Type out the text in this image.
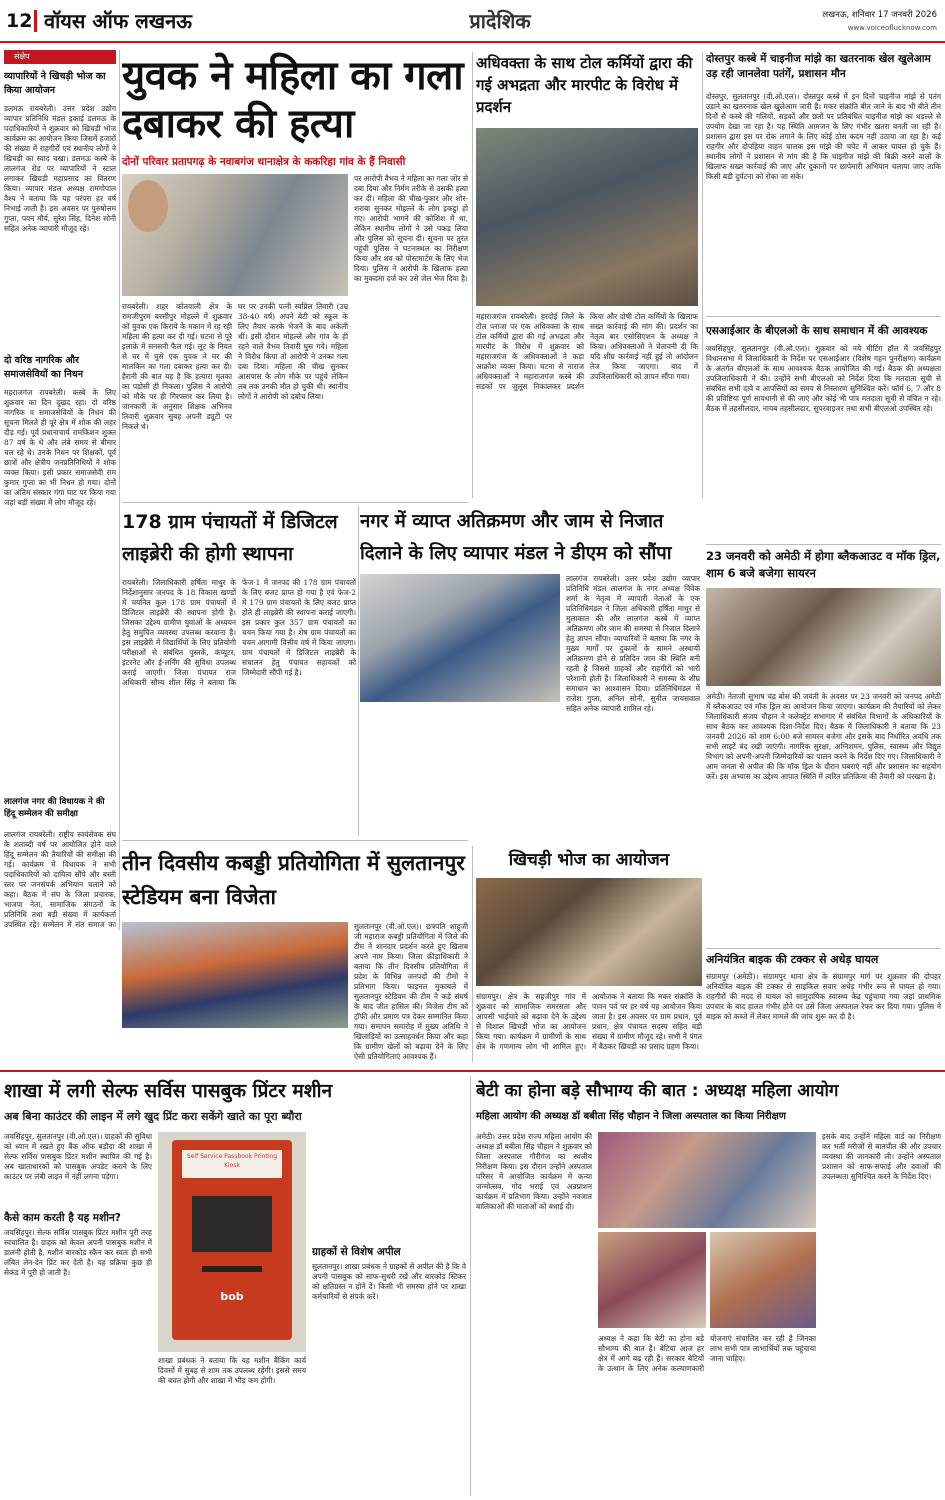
12 वॉयस ऑफ लखनऊ	प्रादेशिक	लखनऊ, शनिवार 17 जनवरी 2026
www.voiceoflucknow.com
संक्षेप
व्यापारियों ने खिचड़ी भोज का किया आयोजन
डलमऊ रायबरेली। उत्तर प्रदेश उद्योग व्यापार प्रतिनिधि मंडल इकाई डलमऊ के पदाधिकारियों ने शुक्रवार को खिचड़ी भोज कार्यक्रम का आयोजन किया जिसमें हजारों की संख्या में राहगीरों एवं स्थानीय लोगों ने खिचड़ी का स्वाद चखा। डलमऊ कस्बे के लालगंज रोड पर व्यापारियों ने स्टाल लगाकर खिचड़ी महाप्रसाद का वितरण किया। व्यापार मंडल अध्यक्ष रामगोपाल वैश्य ने बताया कि यह परंपरा हर वर्ष निभाई जाती है। इस अवसर पर पुरुषोत्तम गुप्ता, पवन मौर्य, सुरेश सिंह, दिनेश सोनी सहित अनेक व्यापारी मौजूद रहे।
दो वरिष्ठ नागरिक और समाजसेवियों का निधन
महराजगंज रायबरेली। कस्बे के लिए शुक्रवार का दिन दुखद रहा। दो वरिष्ठ नागरिक व समाजसेवियों के निधन की सूचना मिलते ही पूरे क्षेत्र में शोक की लहर दौड़ गई। पूर्व प्रधानाचार्य रामकिशन शुक्ल 87 वर्ष के थे और लंबे समय से बीमार चल रहे थे। उनके निधन पर शिक्षकों, पूर्व छात्रों और क्षेत्रीय जनप्रतिनिधियों ने शोक व्यक्त किया। इसी प्रकार समाजसेवी राम कुमार गुप्ता का भी निधन हो गया। दोनों का अंतिम संस्कार गंगा घाट पर किया गया जहां बड़ी संख्या में लोग मौजूद रहे।
लालगंज नगर की विधायक ने की हिंदू सम्मेलन की समीक्षा
लालगंज रायबरेली। राष्ट्रीय स्वयंसेवक संघ के शताब्दी वर्ष पर आयोजित होने वाले हिंदू सम्मेलन की तैयारियों की समीक्षा की गई। कार्यक्रम में विधायक ने सभी पदाधिकारियों को दायित्व सौंपे और बस्ती स्तर पर जनसंपर्क अभियान चलाने को कहा। बैठक में संघ के जिला प्रचारक, भाजपा नेता, सामाजिक संगठनों के प्रतिनिधि तथा बड़ी संख्या में कार्यकर्ता उपस्थित रहे। सम्मेलन में संत समाज का
युवक ने महिला का गला दबाकर की हत्या
दोनों परिवार प्रतापगढ़ के नवाबगंज थानाक्षेत्र के ककरिहा गांव के हैं निवासी
रायबरेली। शहर कोतवाली क्षेत्र के रामजीपुरम बरसीपुर मोहल्ले में शुक्रवार को युवक एक किराये के मकान में रह रही महिला की हत्या कर दी गई। घटना से पूरे इलाके में सनसनी फैल गई। लूट के नियत से घर में घुसे एक युवक ने घर की मालकिन का गला दबाकर हत्या कर दी। हैरानी की बात यह है कि हत्यारा मृतका का पड़ोसी ही निकला। पुलिस ने आरोपी को मौके पर ही गिरफ्तार कर लिया है। जानकारी के अनुसार शिक्षक अभिनव तिवारी शुक्रवार सुबह अपनी ड्यूटी पर निकले थे।
घर पर उनकी पत्नी स्वप्निल तिवारी (उम्र 38-40 वर्ष) अपने बेटी को स्कूल के लिए तैयार करके भेजने के बाद अकेली थीं। इसी दौरान मोहल्ले और गांव के ही रहने वाले वैभव तिवारी घुस गये। महिला ने विरोध किया तो आरोपी ने उनका गला दबा दिया। महिला की चीख सुनकर आसपास के लोग मौके पर पहुंचे लेकिन तब तक उनकी मौत हो चुकी थी। स्थानीय लोगों ने आरोपी को दबोच लिया।
पर आरोपी वैभव ने महिला का गला जोर से दबा दिया और निर्मम तरीके से उसकी हत्या कर दी। महिला की चीख-पुकार और शोर-शराबा सुनकर मोहल्ले के लोग इकट्ठा हो गए। आरोपी भागने की कोशिश में था, लेकिन स्थानीय लोगों ने उसे पकड़ लिया और पुलिस को सूचना दी। सूचना पर तुरंत पहुंची पुलिस ने घटनास्थल का निरीक्षण किया और शव को पोस्टमार्टम के लिए भेज दिया। पुलिस ने आरोपी के खिलाफ हत्या का मुकदमा दर्ज कर उसे जेल भेज दिया है।
अधिवक्ता के साथ टोल कर्मियों द्वारा की गई अभद्रता और मारपीट के विरोध में प्रदर्शन
महाराजगंज रायबरेली। हरदोई जिले के टोल प्लाजा पर एक अधिवक्ता के साथ टोल कर्मियों द्वारा की गई अभद्रता और मारपीट के विरोध में शुक्रवार को महाराजगंज के अधिवक्ताओं ने कड़ा आक्रोश व्यक्त किया। घटना से नाराज अधिवक्ताओं ने महाराजगंज कस्बे की सड़कों पर जुलूस निकालकर प्रदर्शन किया और दोषी टोल कर्मियों के खिलाफ सख्त कार्रवाई की मांग की। प्रदर्शन का नेतृत्व बार एसोसिएशन के अध्यक्ष ने किया। अधिवक्ताओं ने चेतावनी दी कि यदि शीघ्र कार्रवाई नहीं हुई तो आंदोलन तेज किया जाएगा। बाद में उपजिलाधिकारी को ज्ञापन सौंपा गया।
दोस्तपुर कस्बे में चाइनीज मांझे का खतरनाक खेल खुलेआम उड़ रही जानलेवा पतंगें, प्रशासन मौन
दोस्तपुर, सुलतानपुर (वी.ओ.एल)। दोस्तपुर कस्बे में इन दिनों चाइनीज मांझे से पतंग उड़ाने का खतरनाक खेल खुलेआम जारी है। मकर संक्रांति बीत जाने के बाद भी बीते तीन दिनों से कस्बे की गलियों, सड़कों और छतों पर प्रतिबंधित चाइनीज मांझे का धड़ल्ले से उपयोग देखा जा रहा है। यह स्थिति आमजन के लिए गंभीर खतरा बनती जा रही है। प्रशासन द्वारा इस पर रोक लगाने के लिए कोई ठोस कदम नहीं उठाया जा रहा है। कई राहगीर और दोपहिया वाहन चालक इस मांझे की चपेट में आकर घायल हो चुके हैं। स्थानीय लोगों ने प्रशासन से मांग की है कि चाइनीज मांझे की बिक्री करने वालों के खिलाफ सख्त कार्रवाई की जाए और दुकानों पर छापेमारी अभियान चलाया जाए ताकि किसी बड़ी दुर्घटना को रोका जा सके।
एसआईआर के बीएलओ के साथ समाधान में की आवश्यक
जयसिंहपुर, सुलतानपुर (वी.ओ.एल)। शुक्रवार को नये मीटिंग हॉल में जयसिंहपुर विधानसभा में जिलाधिकारी के निर्देश पर एसआईआर (विशेष गहन पुनरीक्षण) कार्यक्रम के अंतर्गत बीएलओ के साथ आवश्यक बैठक आयोजित की गई। बैठक की अध्यक्षता उपजिलाधिकारी ने की। उन्होंने सभी बीएलओ को निर्देश दिया कि मतदाता सूची से संबंधित सभी दावे व आपत्तियों का समय से निस्तारण सुनिश्चित करें। फॉर्म 6, 7 और 8 की प्रविष्टियां पूर्ण सावधानी से की जाएं और कोई भी पात्र मतदाता सूची से वंचित न रहे। बैठक में तहसीलदार, नायब तहसीलदार, सुपरवाइजर तथा सभी बीएलओ उपस्थित रहे।
178 ग्राम पंचायतों में डिजिटल लाइब्रेरी की होगी स्थापना
रायबरेली। जिलाधिकारी हर्षिता माथुर के निर्देशानुसार जनपद के 18 विकास खण्डों में चयनित कुल 178 ग्राम पंचायतों में डिजिटल लाइब्रेरी की स्थापना होगी है। जिसका उद्देश्य ग्रामीण युवाओं के अध्ययन हेतु समुचित व्यवस्था उपलब्ध करवाना है। इस लाइब्रेरी में विद्यार्थियों के लिए प्रतियोगी परीक्षाओं से संबंधित पुस्तकें, कंप्यूटर, इंटरनेट और ई-लर्निंग की सुविधा उपलब्ध कराई जाएगी। जिला पंचायत राज अधिकारी सौम्य शील सिंह ने बताया कि फेज-1 में जनपद की 178 ग्राम पंचायतों के लिए बजट प्राप्त हो गया है एवं फेज-2 में 179 ग्राम पंचायतों के लिए बजट प्राप्त होते ही लाइब्रेरी की स्थापना कराई जाएगी। इस प्रकार कुल 357 ग्राम पंचायतों का चयन किया गया है। शेष ग्राम पंचायतों का चयन आगामी वित्तीय वर्ष में किया जाएगा। ग्राम पंचायतों में डिजिटल लाइब्रेरी के संचालन हेतु पंचायत सहायकों को जिम्मेदारी सौंपी गई है।
नगर में व्याप्त अतिक्रमण और जाम से निजात दिलाने के लिए व्यापार मंडल ने डीएम को सौंपा
लालगंज रायबरेली। उत्तर प्रदेश उद्योग व्यापार प्रतिनिधि मंडल लालगंज के नगर अध्यक्ष विवेक शर्मा के नेतृत्व में व्यापारी नेताओं के एक प्रतिनिधिमंडल ने जिला अधिकारी हर्षिता माथुर से मुलाकात की और लालगंज कस्बे में व्याप्त अतिक्रमण और जाम की समस्या से निजात दिलाने हेतु ज्ञापन सौंपा। व्यापारियों ने बताया कि नगर के मुख्य मार्गों पर दुकानों के सामने अस्थायी अतिक्रमण होने से प्रतिदिन जाम की स्थिति बनी रहती है जिससे ग्राहकों और राहगीरों को भारी परेशानी होती है। जिलाधिकारी ने समस्या के शीघ्र समाधान का आश्वासन दिया। प्रतिनिधिमंडल में राजेश गुप्ता, अनिल सोनी, सुनील जायसवाल सहित अनेक व्यापारी शामिल रहे।
23 जनवरी को अमेठी में होगा ब्लैकआउट व मॉक ड्रिल, शाम 6 बजे बजेगा सायरन
अमेठी। नेताजी सुभाष चंद्र बोस की जयंती के अवसर पर 23 जनवरी को जनपद अमेठी में ब्लैकआउट एवं मॉक ड्रिल का आयोजन किया जाएगा। कार्यक्रम की तैयारियों को लेकर जिलाधिकारी संजय चौहान ने कलेक्ट्रेट सभागार में संबंधित विभागों के अधिकारियों के साथ बैठक कर आवश्यक दिशा-निर्देश दिए। बैठक में जिलाधिकारी ने बताया कि 23 जनवरी 2026 को शाम 6:00 बजे सायरन बजेगा और इसके बाद निर्धारित अवधि तक सभी लाइटें बंद रखी जाएंगी। नागरिक सुरक्षा, अग्निशमन, पुलिस, स्वास्थ्य और विद्युत विभाग को अपनी-अपनी जिम्मेदारियों का पालन करने के निर्देश दिए गए। जिलाधिकारी ने आम जनता से अपील की कि मॉक ड्रिल के दौरान घबराएं नहीं और प्रशासन का सहयोग करें। इस अभ्यास का उद्देश्य आपात स्थिति में त्वरित प्रतिक्रिया की तैयारी को परखना है।
अनियंत्रित बाइक की टक्कर से अधेड़ घायल
संग्रामपुर (अमेठी)। संग्रामपुर थाना क्षेत्र के संग्रामपुर मार्ग पर शुक्रवार की दोपहर अनियंत्रित बाइक की टक्कर से साइकिल सवार अधेड़ गंभीर रूप से घायल हो गया। राहगीरों की मदद से घायल को सामुदायिक स्वास्थ्य केंद्र पहुंचाया गया जहां प्राथमिक उपचार के बाद हालत गंभीर होने पर उसे जिला अस्पताल रेफर कर दिया गया। पुलिस ने बाइक को कब्जे में लेकर मामले की जांच शुरू कर दी है।
तीन दिवसीय कबड्डी प्रतियोगिता में सुलतानपुर स्टेडियम बना विजेता
सुलतानपुर (वी.ओ.एल)। छत्रपति शाहूजी जी महाराज कबड्डी प्रतियोगिता में जिले की टीम ने शानदार प्रदर्शन करते हुए खिताब अपने नाम किया। जिला क्रीड़ाधिकारी ने बताया कि तीन दिवसीय प्रतियोगिता में प्रदेश के विभिन्न जनपदों की टीमों ने प्रतिभाग किया। फाइनल मुकाबले में सुलतानपुर स्टेडियम की टीम ने कड़े संघर्ष के बाद जीत हासिल की। विजेता टीम को ट्रॉफी और प्रमाण पत्र देकर सम्मानित किया गया। समापन समारोह में मुख्य अतिथि ने खिलाड़ियों का उत्साहवर्धन किया और कहा कि ग्रामीण खेलों को बढ़ावा देने के लिए ऐसी प्रतियोगिताएं आवश्यक हैं।
खिचड़ी भोज का आयोजन
संग्रामपुर। क्षेत्र के सहजीपुर गांव में शुक्रवार को सामाजिक समरसता और आपसी भाईचारे को बढ़ावा देने के उद्देश्य से विशाल खिचड़ी भोज का आयोजन किया गया। कार्यक्रम में ग्रामीणों के साथ क्षेत्र के गणमान्य लोग भी शामिल हुए। आयोजक ने बताया कि मकर संक्रांति के पावन पर्व पर हर वर्ष यह आयोजन किया जाता है। इस अवसर पर ग्राम प्रधान, पूर्व प्रधान, क्षेत्र पंचायत सदस्य सहित बड़ी संख्या में ग्रामीण मौजूद रहे। सभी ने पंगत में बैठकर खिचड़ी का प्रसाद ग्रहण किया।
शाखा में लगी सेल्फ सर्विस पासबुक प्रिंटर मशीन
अब बिना काउंटर की लाइन में लगे खुद प्रिंट करा सकेंगे खाते का पूरा ब्यौरा
जयसिंहपुर, सुलतानपुर (वी.ओ.एल)। ग्राहकों की सुविधा को ध्यान में रखते हुए बैंक ऑफ बड़ौदा की शाखा में सेल्फ सर्विस पासबुक प्रिंटर मशीन स्थापित की गई है। अब खाताधारकों को पासबुक अपडेट कराने के लिए काउंटर पर लंबी लाइन में नहीं लगना पड़ेगा।
कैसे काम करती है यह मशीन?
जयसिंहपुर। सेल्फ सर्विस पासबुक प्रिंटर मशीन पूरी तरह स्वचालित है। ग्राहक को केवल अपनी पासबुक मशीन में डालनी होती है, मशीन बारकोड स्कैन कर स्वतः ही सभी लंबित लेन-देन प्रिंट कर देती है। यह प्रक्रिया कुछ ही सेकंड में पूरी हो जाती है।
Self Service Passbook Printing Kiosk
bob
शाखा प्रबंधक ने बताया कि यह मशीन बैंकिंग कार्य दिवसों में सुबह से शाम तक उपलब्ध रहेगी। इससे समय की बचत होगी और शाखा में भीड़ कम होगी।
ग्राहकों से विशेष अपील
सुलतानपुर। शाखा प्रबंधक ने ग्राहकों से अपील की है कि वे अपनी पासबुक को साफ-सुथरी रखें और बारकोड स्टिकर को क्षतिग्रस्त न होने दें। किसी भी समस्या होने पर शाखा कर्मचारियों से संपर्क करें।
बेटी का होना बड़े सौभाग्य की बात : अध्यक्ष महिला आयोग
महिला आयोग की अध्यक्ष डॉ बबीता सिंह चौहान ने जिला अस्पताल का किया निरीक्षण
अमेठी। उत्तर प्रदेश राज्य महिला आयोग की अध्यक्ष डॉ बबीता सिंह चौहान ने शुक्रवार को जिला अस्पताल गौरीगंज का स्थलीय निरीक्षण किया। इस दौरान उन्होंने अस्पताल परिसर में आयोजित कार्यक्रम में कन्या जन्मोत्सव, गोद भराई एवं अन्नप्राशन कार्यक्रम में प्रतिभाग किया। उन्होंने नवजात बालिकाओं की माताओं को बधाई दी।
अध्यक्ष ने कहा कि बेटी का होना बड़े सौभाग्य की बात है। बेटियां आज हर क्षेत्र में आगे बढ़ रही हैं। सरकार बेटियों के उत्थान के लिए अनेक कल्याणकारी योजनाएं संचालित कर रही है जिनका लाभ सभी पात्र लाभार्थियों तक पहुंचाया जाना चाहिए।
इसके बाद उन्होंने महिला वार्ड का निरीक्षण कर भर्ती मरीजों से बातचीत की और उपचार व्यवस्था की जानकारी ली। उन्होंने अस्पताल प्रशासन को साफ-सफाई और दवाओं की उपलब्धता सुनिश्चित करने के निर्देश दिए।
